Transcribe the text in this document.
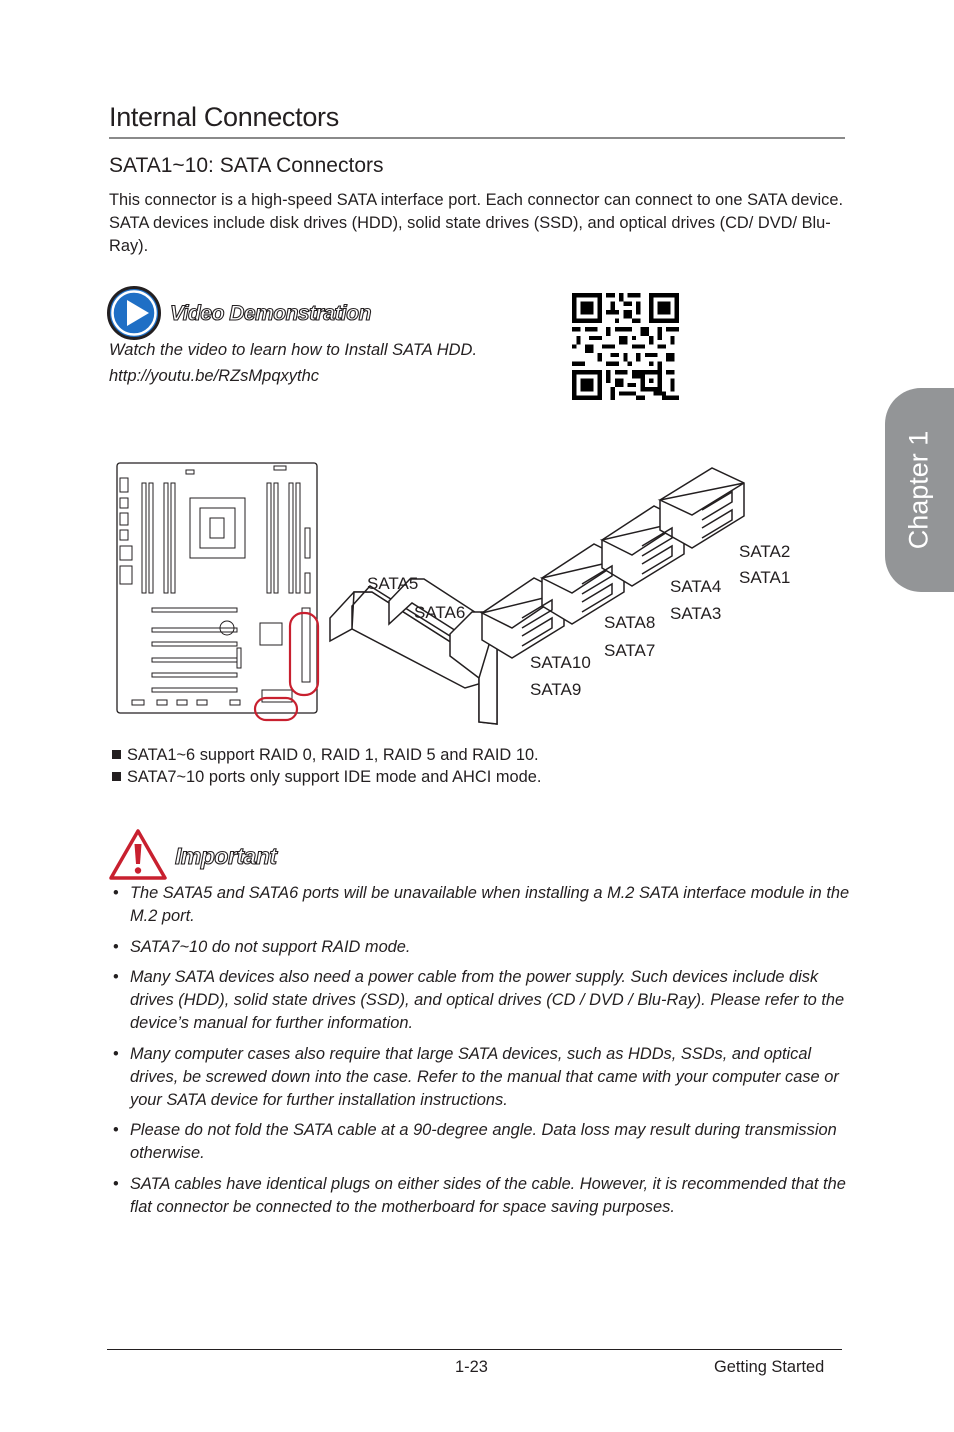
Internal Connectors
SATA1~10: SATA Connectors
This connector is a high-speed SATA interface port. Each connector can connect to one SATA device. SATA devices include disk drives (HDD), solid state drives (SSD), and optical drives (CD/ DVD/ Blu-Ray).
Video Demonstration
Watch the video to learn how to Install SATA HDD.
http://youtu.be/RZsMpqxythc
SATA2
SATA1
SATA4
SATA3
SATA8
SATA7
SATA10
SATA9
SATA5
SATA6
SATA1~6 support RAID 0, RAID 1, RAID 5 and RAID 10.
SATA7~10 ports only support IDE mode and AHCI mode.
Important
• The SATA5 and SATA6 ports will be unavailable when installing a M.2 SATA interface module in the M.2 port.
• SATA7~10 do not support RAID mode.
• Many SATA devices also need a power cable from the power supply. Such devices include disk drives (HDD), solid state drives (SSD), and optical drives (CD / DVD / Blu-Ray). Please refer to the device’s manual for further information.
• Many computer cases also require that large SATA devices, such as HDDs, SSDs, and optical drives, be screwed down into the case. Refer to the manual that came with your computer case or your SATA device for further installation instructions.
• Please do not fold the SATA cable at a 90-degree angle. Data loss may result during transmission otherwise.
• SATA cables have identical plugs on either sides of the cable. However, it is recommended that the flat connector be connected to the motherboard for space saving purposes.
1-23	Getting Started
Chapter 1
